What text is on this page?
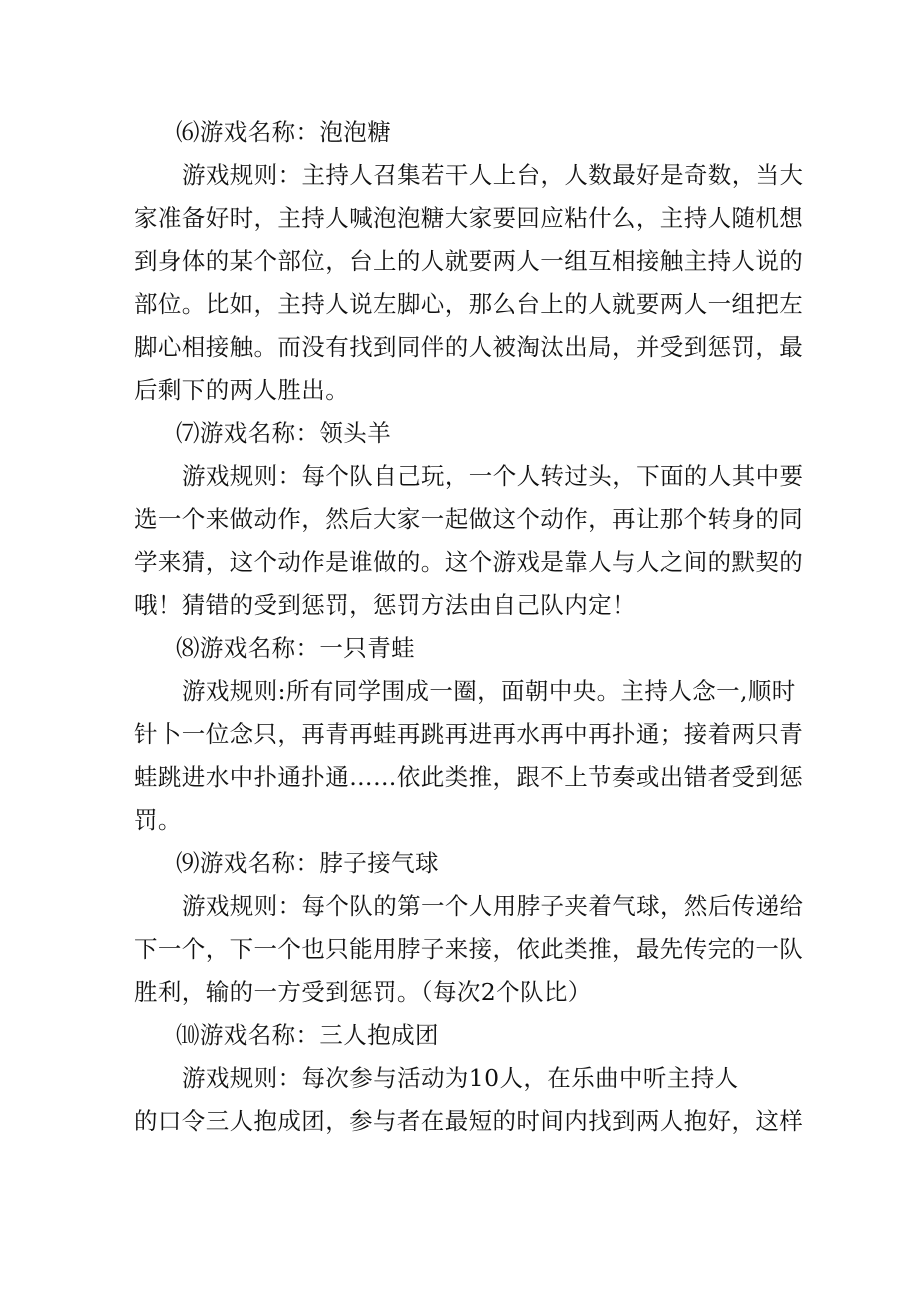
⑹游戏名称：泡泡糖
游戏规则：主持人召集若干人上台，人数最好是奇数，当大
家准备好时，主持人喊泡泡糖大家要回应粘什么，主持人随机想
到身体的某个部位，台上的人就要两人一组互相接触主持人说的
部位。比如，主持人说左脚心，那么台上的人就要两人一组把左
脚心相接触。而没有找到同伴的人被淘汰出局，并受到惩罚，最
后剩下的两人胜出。
⑺游戏名称：领头羊
游戏规则：每个队自己玩，一个人转过头，下面的人其中要
选一个来做动作，然后大家一起做这个动作，再让那个转身的同
学来猜，这个动作是谁做的。这个游戏是靠人与人之间的默契的
哦！猜错的受到惩罚，惩罚方法由自己队内定！
⑻游戏名称：一只青蛙
游戏规则:所有同学围成一圈，面朝中央。主持人念一,顺时
针卜一位念只，再青再蛙再跳再进再水再中再扑通；接着两只青
蛙跳进水中扑通扑通……依此类推，跟不上节奏或出错者受到惩
罚。
⑼游戏名称：脖子接气球
游戏规则：每个队的第一个人用脖子夹着气球，然后传递给
下一个，下一个也只能用脖子来接，依此类推，最先传完的一队
胜利，输的一方受到惩罚。（每次2个队比）
⑽游戏名称：三人抱成团
游戏规则：每次参与活动为10人，在乐曲中听主持人
的口令三人抱成团，参与者在最短的时间内找到两人抱好，这样
